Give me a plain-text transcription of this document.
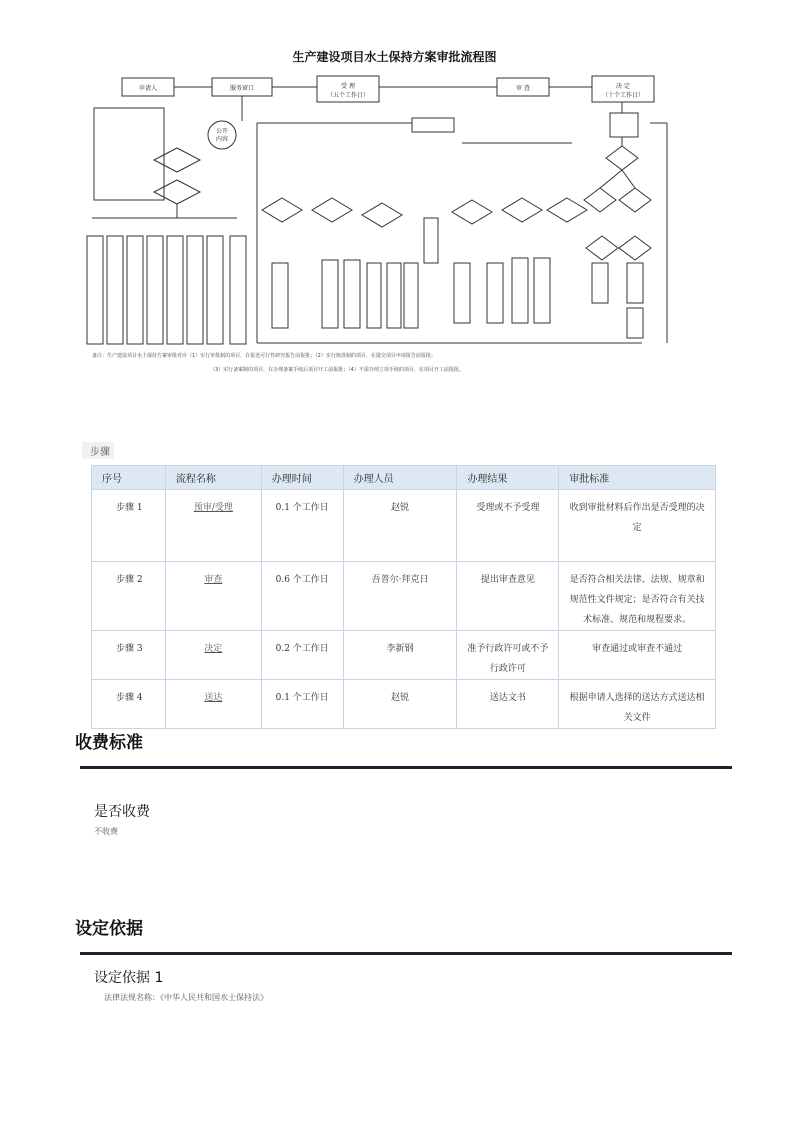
申请人	服务窗口	受 理
（五个工作日）
审 查	决 定
（十个工作日）
公开
内容
生产建设项目水土保持方案审批流程图
备注：生产建设项目水土保持方案审批对应（1）实行审批制的项目，在报送可行性研究报告前报批；（2）实行核准制的项目，在提交项目申请报告前报批；
（3）实行备案制的项目，在办理备案手续后项目开工前报批；（4）不需办理立项手续的项目，在项目开工前报批。
步骤
序号	流程名称	办理时间	办理人员	办理结果	审批标准
步骤 1	预审/受理	0.1 个工作日	赵锐	受理或不予受理	收到审批材料后作出是否受理的决定
步骤 2	审查	0.6 个工作日	吾普尔·拜克日	提出审查意见	是否符合相关法律、法规、规章和规范性文件规定；是否符合有关技术标准、规范和规程要求。
步骤 3	决定	0.2 个工作日	李新钢	准予行政许可或不予行政许可	审查通过或审查不通过
步骤 4	送达	0.1 个工作日	赵锐	送达文书	根据申请人选择的送达方式送达相关文件
收费标准
是否收费
不收费
设定依据
设定依据 1
法律法规名称：《中华人民共和国水土保持法》
